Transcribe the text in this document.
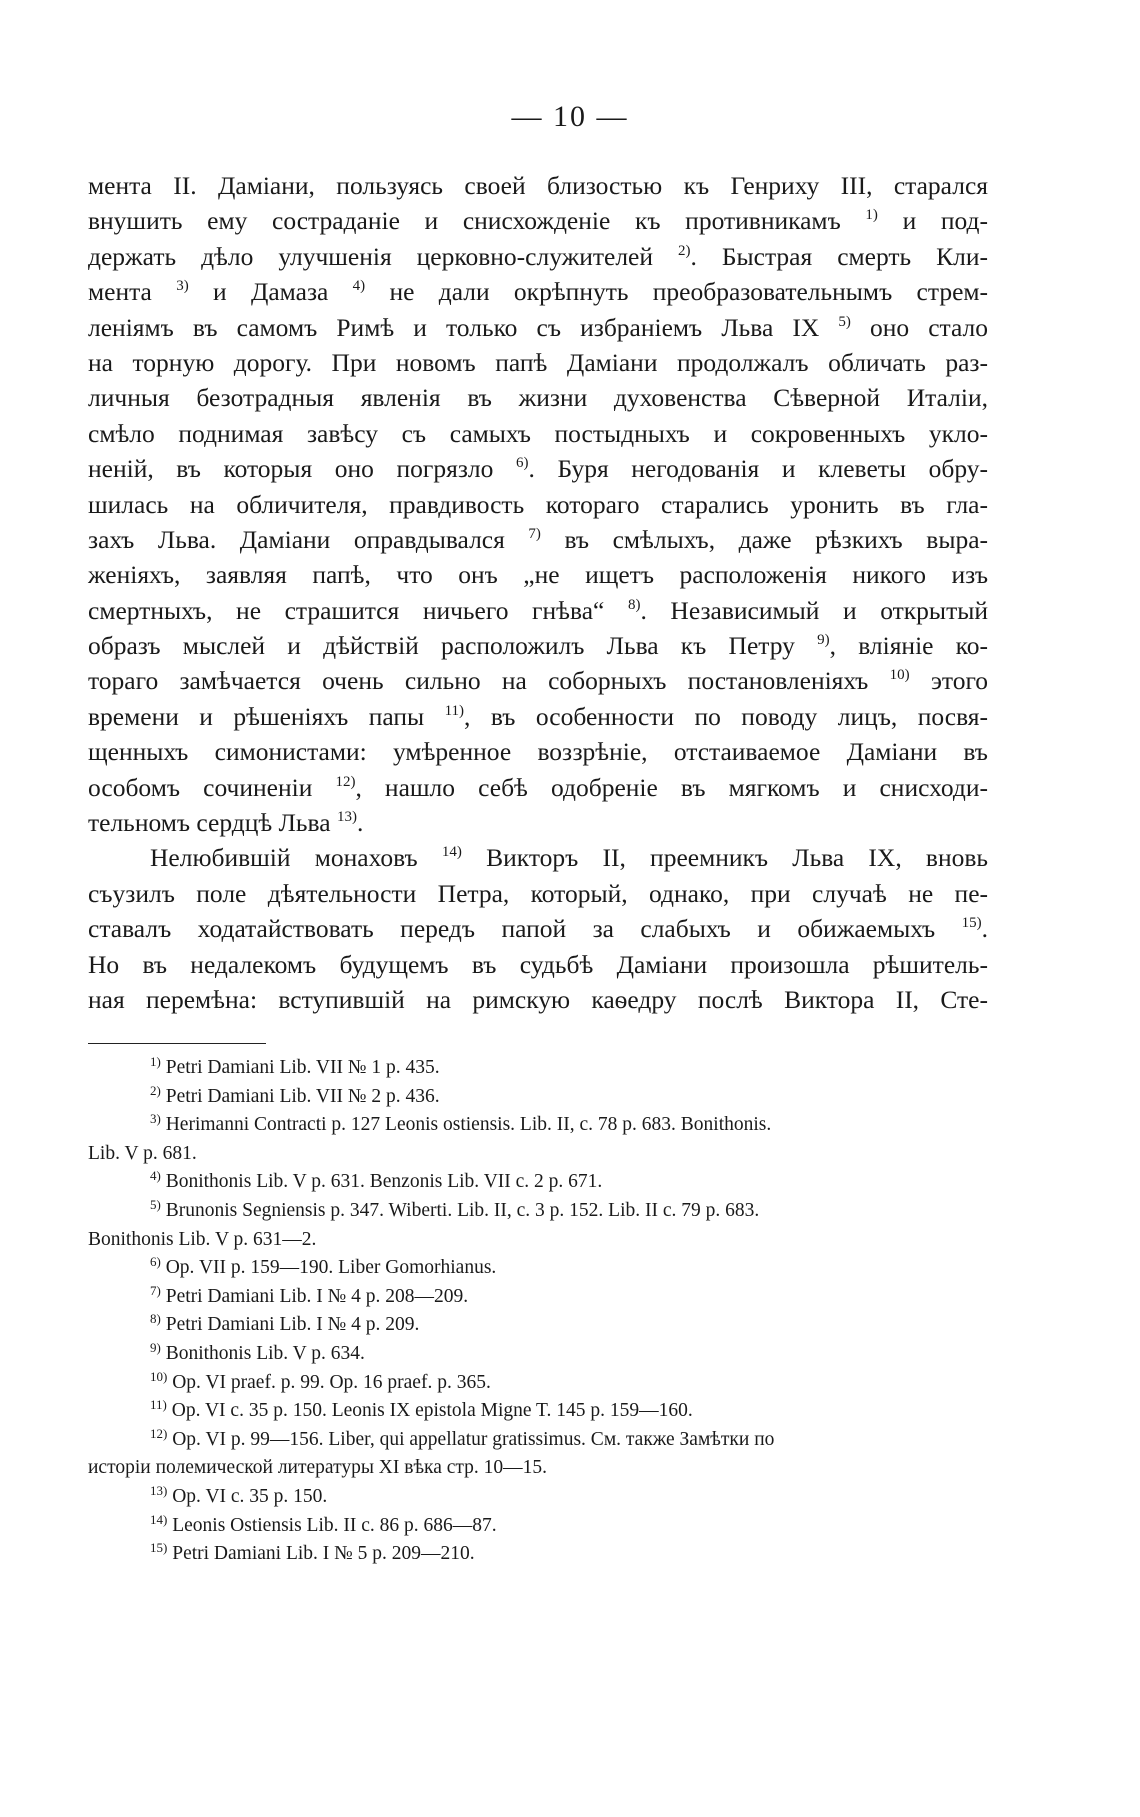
— 10 —
мента II. Даміани, пользуясь своей близостью къ Генриху III, старался
внушить ему состраданіе и снисхожденіе къ противникамъ $^{1)}$ и под-
держать дѣло улучшенія церковно-служителей $^{2)}$. Быстрая смерть Кли-
мента $^{3)}$ и Дамаза $^{4)}$ не дали окрѣпнуть преобразовательнымъ стрем-
леніямъ въ самомъ Римѣ и только съ избраніемъ Льва IX $^{5)}$ оно стало
на торную дорогу. При новомъ папѣ Даміани продолжалъ обличать раз-
личныя безотрадныя явленія въ жизни духовенства Сѣверной Италіи,
смѣло поднимая завѣсу съ самыхъ постыдныхъ и сокровенныхъ укло-
неній, въ которыя оно погрязло $^{6)}$. Буря негодованія и клеветы обру-
шилась на обличителя, правдивость котораго старались уронить въ гла-
захъ Льва. Даміани оправдывался $^{7)}$ въ смѣлыхъ, даже рѣзкихъ выра-
женіяхъ, заявляя папѣ, что онъ „не ищетъ расположенія никого изъ
смертныхъ, не страшится ничьего гнѣва“ $^{8)}$. Независимый и открытый
образъ мыслей и дѣйствій расположилъ Льва къ Петру $^{9)}$, вліяніе ко-
тораго замѣчается очень сильно на соборныхъ постановленіяхъ $^{10)}$ этого
времени и рѣшеніяхъ папы $^{11)}$, въ особенности по поводу лицъ, посвя-
щенныхъ симонистами: умѣренное воззрѣніе, отстаиваемое Даміани въ
особомъ сочиненіи $^{12)}$, нашло себѣ одобреніе въ мягкомъ и снисходи-
тельномъ сердцѣ Льва $^{13)}$.
Нелюбившій монаховъ $^{14)}$ Викторъ II, преемникъ Льва IX, вновь
съузилъ поле дѣятельности Петра, который, однако, при случаѣ не пе-
ставалъ ходатайствовать передъ папой за слабыхъ и обижаемыхъ $^{15)}$.
Но въ недалекомъ будущемъ въ судьбѣ Даміани произошла рѣшитель-
ная перемѣна: вступившій на римскую каѳедру послѣ Виктора II, Сте-
$^{1)}$ Petri Damiani Lib. VII № 1 p. 435.
$^{2)}$ Petri Damiani Lib. VII № 2 p. 436.
$^{3)}$ Herimanni Contracti p. 127 Leonis ostiensis. Lib. II, c. 78 p. 683. Bonithonis.
Lib. V p. 681.
$^{4)}$ Bonithonis Lib. V p. 631. Benzonis Lib. VII c. 2 p. 671.
$^{5)}$ Brunonis Segniensis p. 347. Wiberti. Lib. II, c. 3 p. 152. Lib. II c. 79 p. 683.
Bonithonis Lib. V p. 631—2.
$^{6)}$ Op. VII p. 159—190. Liber Gomorhianus.
$^{7)}$ Petri Damiani Lib. I № 4 p. 208—209.
$^{8)}$ Petri Damiani Lib. I № 4 p. 209.
$^{9)}$ Bonithonis Lib. V p. 634.
$^{10)}$ Op. VI praef. p. 99. Op. 16 praef. p. 365.
$^{11)}$ Op. VI c. 35 p. 150. Leonis IX epistola Migne T. 145 p. 159—160.
$^{12)}$ Op. VI p. 99—156. Liber, qui appellatur gratissimus. См. также Замѣтки по
исторіи полемической литературы XI вѣка стр. 10—15.
$^{13)}$ Op. VI c. 35 p. 150.
$^{14)}$ Leonis Ostiensis Lib. II c. 86 p. 686—87.
$^{15)}$ Petri Damiani Lib. I № 5 p. 209—210.
